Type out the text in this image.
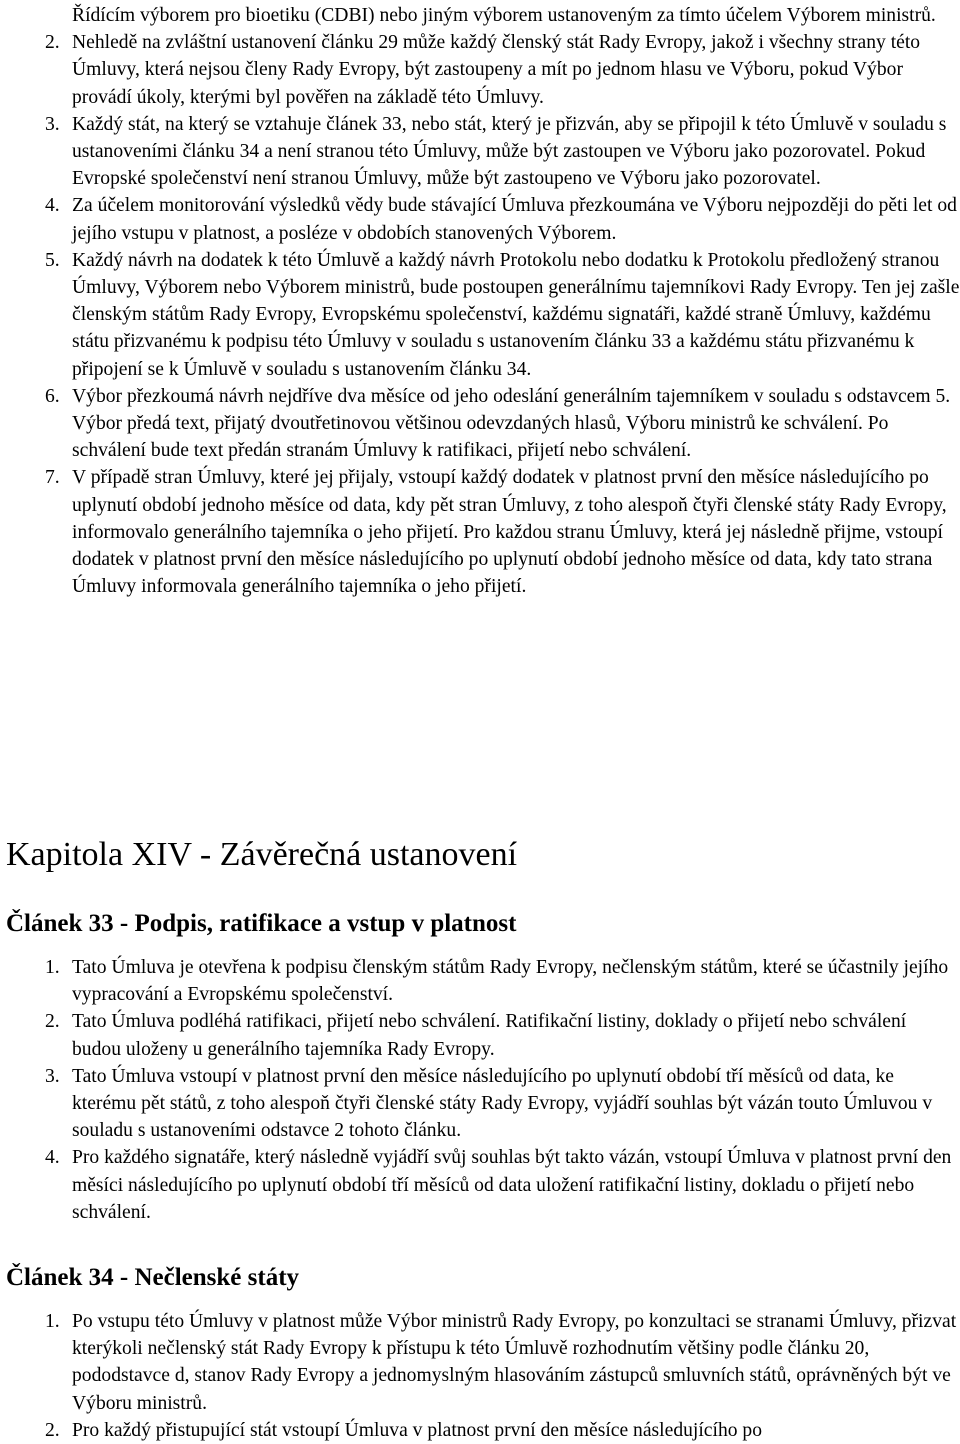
Řídícím výborem pro bioetiku (CDBI) nebo jiným výborem ustanoveným za tímto účelem Výborem ministrů.
2. Nehledě na zvláštní ustanovení článku 29 může každý členský stát Rady Evropy, jakož i všechny strany této Úmluvy, která nejsou členy Rady Evropy, být zastoupeny a mít po jednom hlasu ve Výboru, pokud Výbor provádí úkoly, kterými byl pověřen na základě této Úmluvy.
3. Každý stát, na který se vztahuje článek 33, nebo stát, který je přizván, aby se připojil k této Úmluvě v souladu s ustanoveními článku 34 a není stranou této Úmluvy, může být zastoupen ve Výboru jako pozorovatel. Pokud Evropské společenství není stranou Úmluvy, může být zastoupeno ve Výboru jako pozorovatel.
4. Za účelem monitorování výsledků vědy bude stávající Úmluva přezkoumána ve Výboru nejpozději do pěti let od jejího vstupu v platnost, a posléze v obdobích stanovených Výborem.
5. Každý návrh na dodatek k této Úmluvě a každý návrh Protokolu nebo dodatku k Protokolu předložený stranou Úmluvy, Výborem nebo Výborem ministrů, bude postoupen generálnímu tajemníkovi Rady Evropy. Ten jej zašle členským státům Rady Evropy, Evropskému společenství, každému signatáři, každé straně Úmluvy, každému státu přizvanému k podpisu této Úmluvy v souladu s ustanovením článku 33 a každému státu přizvanému k připojení se k Úmluvě v souladu s ustanovením článku 34.
6. Výbor přezkoumá návrh nejdříve dva měsíce od jeho odeslání generálním tajemníkem v souladu s odstavcem 5. Výbor předá text, přijatý dvoutřetinovou většinou odevzdaných hlasů, Výboru ministrů ke schválení. Po schválení bude text předán stranám Úmluvy k ratifikaci, přijetí nebo schválení.
7. V případě stran Úmluvy, které jej přijaly, vstoupí každý dodatek v platnost první den měsíce následujícího po uplynutí období jednoho měsíce od data, kdy pět stran Úmluvy, z toho alespoň čtyři členské státy Rady Evropy, informovalo generálního tajemníka o jeho přijetí. Pro každou stranu Úmluvy, která jej následně přijme, vstoupí dodatek v platnost první den měsíce následujícího po uplynutí období jednoho měsíce od data, kdy tato strana Úmluvy informovala generálního tajemníka o jeho přijetí.
Kapitola XIV - Závěrečná ustanovení
Článek 33 - Podpis, ratifikace a vstup v platnost
1. Tato Úmluva je otevřena k podpisu členským státům Rady Evropy, nečlenským státům, které se účastnily jejího vypracování a Evropskému společenství.
2. Tato Úmluva podléhá ratifikaci, přijetí nebo schválení. Ratifikační listiny, doklady o přijetí nebo schválení budou uloženy u generálního tajemníka Rady Evropy.
3. Tato Úmluva vstoupí v platnost první den měsíce následujícího po uplynutí období tří měsíců od data, ke kterému pět států, z toho alespoň čtyři členské státy Rady Evropy, vyjádří souhlas být vázán touto Úmluvou v souladu s ustanoveními odstavce 2 tohoto článku.
4. Pro každého signatáře, který následně vyjádří svůj souhlas být takto vázán, vstoupí Úmluva v platnost první den měsíci následujícího po uplynutí období tří měsíců od data uložení ratifikační listiny, dokladu o přijetí nebo schválení.
Článek 34 - Nečlenské státy
1. Po vstupu této Úmluvy v platnost může Výbor ministrů Rady Evropy, po konzultaci se stranami Úmluvy, přizvat kterýkoli nečlenský stát Rady Evropy k přístupu k této Úmluvě rozhodnutím většiny podle článku 20, pododstavce d, stanov Rady Evropy a jednomyslným hlasováním zástupců smluvních států, oprávněných být ve Výboru ministrů.
2. Pro každý přistupující stát vstoupí Úmluva v platnost první den měsíce následujícího po
